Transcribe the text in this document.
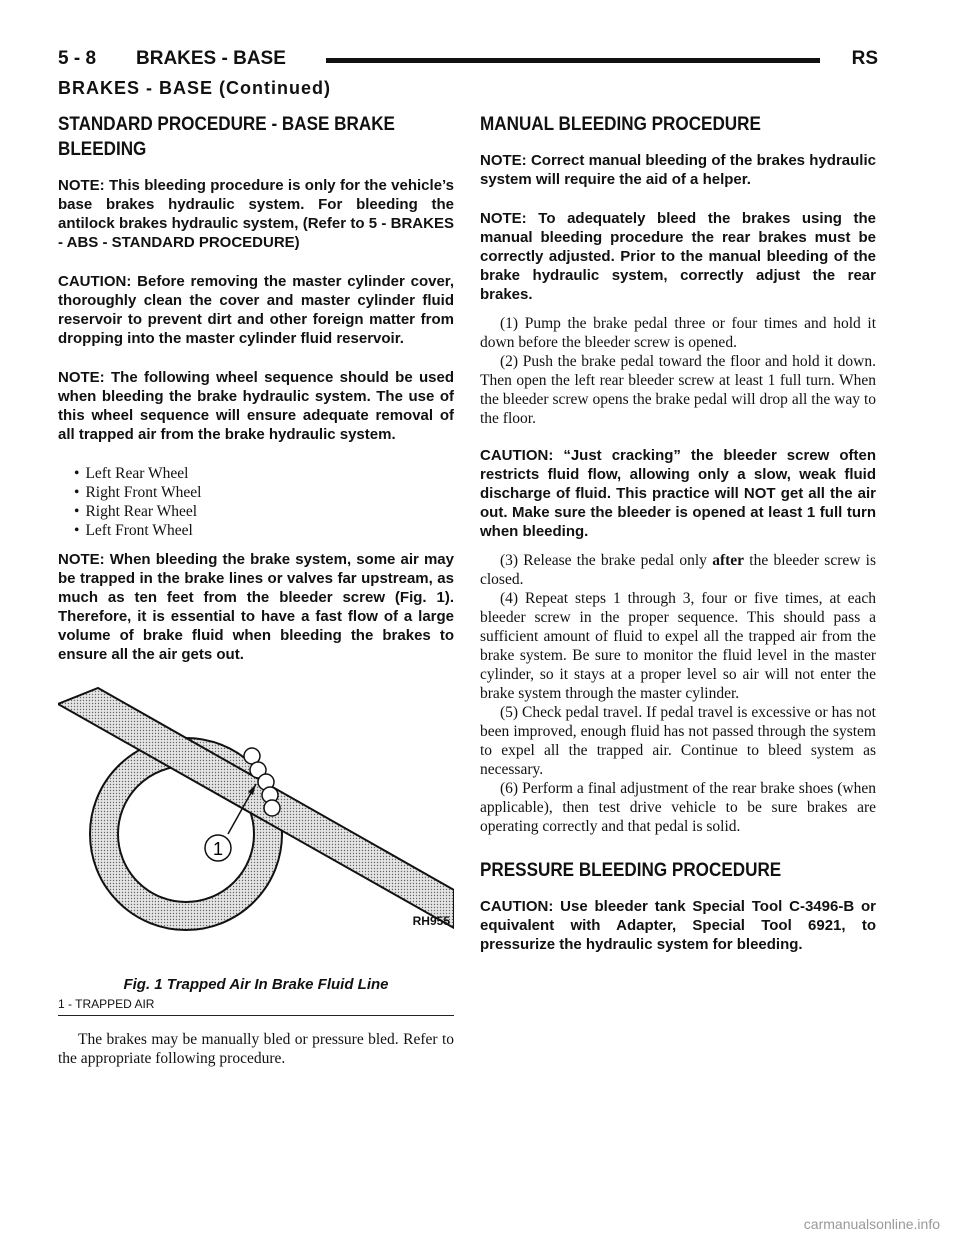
5 - 8 BRAKES - BASE	RS
BRAKES - BASE (Continued)
STANDARD PROCEDURE - BASE BRAKE BLEEDING

NOTE: This bleeding procedure is only for the vehicle’s base brakes hydraulic system. For bleeding the antilock brakes hydraulic system, (Refer to 5 - BRAKES - ABS - STANDARD PROCEDURE)

CAUTION: Before removing the master cylinder cover, thoroughly clean the cover and master cylinder fluid reservoir to prevent dirt and other foreign matter from dropping into the master cylinder fluid reservoir.

NOTE: The following wheel sequence should be used when bleeding the brake hydraulic system. The use of this wheel sequence will ensure adequate removal of all trapped air from the brake hydraulic system.

• Left Rear Wheel
• Right Front Wheel
• Right Rear Wheel
• Left Front Wheel

NOTE: When bleeding the brake system, some air may be trapped in the brake lines or valves far upstream, as much as ten feet from the bleeder screw (Fig. 1). Therefore, it is essential to have a fast flow of a large volume of brake fluid when bleeding the brakes to ensure all the air gets out.

1
RH955
Fig. 1 Trapped Air In Brake Fluid Line
1 - TRAPPED AIR

The brakes may be manually bled or pressure bled. Refer to the appropriate following procedure.

MANUAL BLEEDING PROCEDURE

NOTE: Correct manual bleeding of the brakes hydraulic system will require the aid of a helper.

NOTE: To adequately bleed the brakes using the manual bleeding procedure the rear brakes must be correctly adjusted. Prior to the manual bleeding of the brake hydraulic system, correctly adjust the rear brakes.

(1) Pump the brake pedal three or four times and hold it down before the bleeder screw is opened.

(2) Push the brake pedal toward the floor and hold it down. Then open the left rear bleeder screw at least 1 full turn. When the bleeder screw opens the brake pedal will drop all the way to the floor.

CAUTION: “Just cracking” the bleeder screw often restricts fluid flow, allowing only a slow, weak fluid discharge of fluid. This practice will NOT get all the air out. Make sure the bleeder is opened at least 1 full turn when bleeding.

(3) Release the brake pedal only after the bleeder screw is closed.

(4) Repeat steps 1 through 3, four or five times, at each bleeder screw in the proper sequence. This should pass a sufficient amount of fluid to expel all the trapped air from the brake system. Be sure to monitor the fluid level in the master cylinder, so it stays at a proper level so air will not enter the brake system through the master cylinder.

(5) Check pedal travel. If pedal travel is excessive or has not been improved, enough fluid has not passed through the system to expel all the trapped air. Continue to bleed system as necessary.

(6) Perform a final adjustment of the rear brake shoes (when applicable), then test drive vehicle to be sure brakes are operating correctly and that pedal is solid.

PRESSURE BLEEDING PROCEDURE

CAUTION: Use bleeder tank Special Tool C-3496-B or equivalent with Adapter, Special Tool 6921, to pressurize the hydraulic system for bleeding.

carmanualsonline.info
